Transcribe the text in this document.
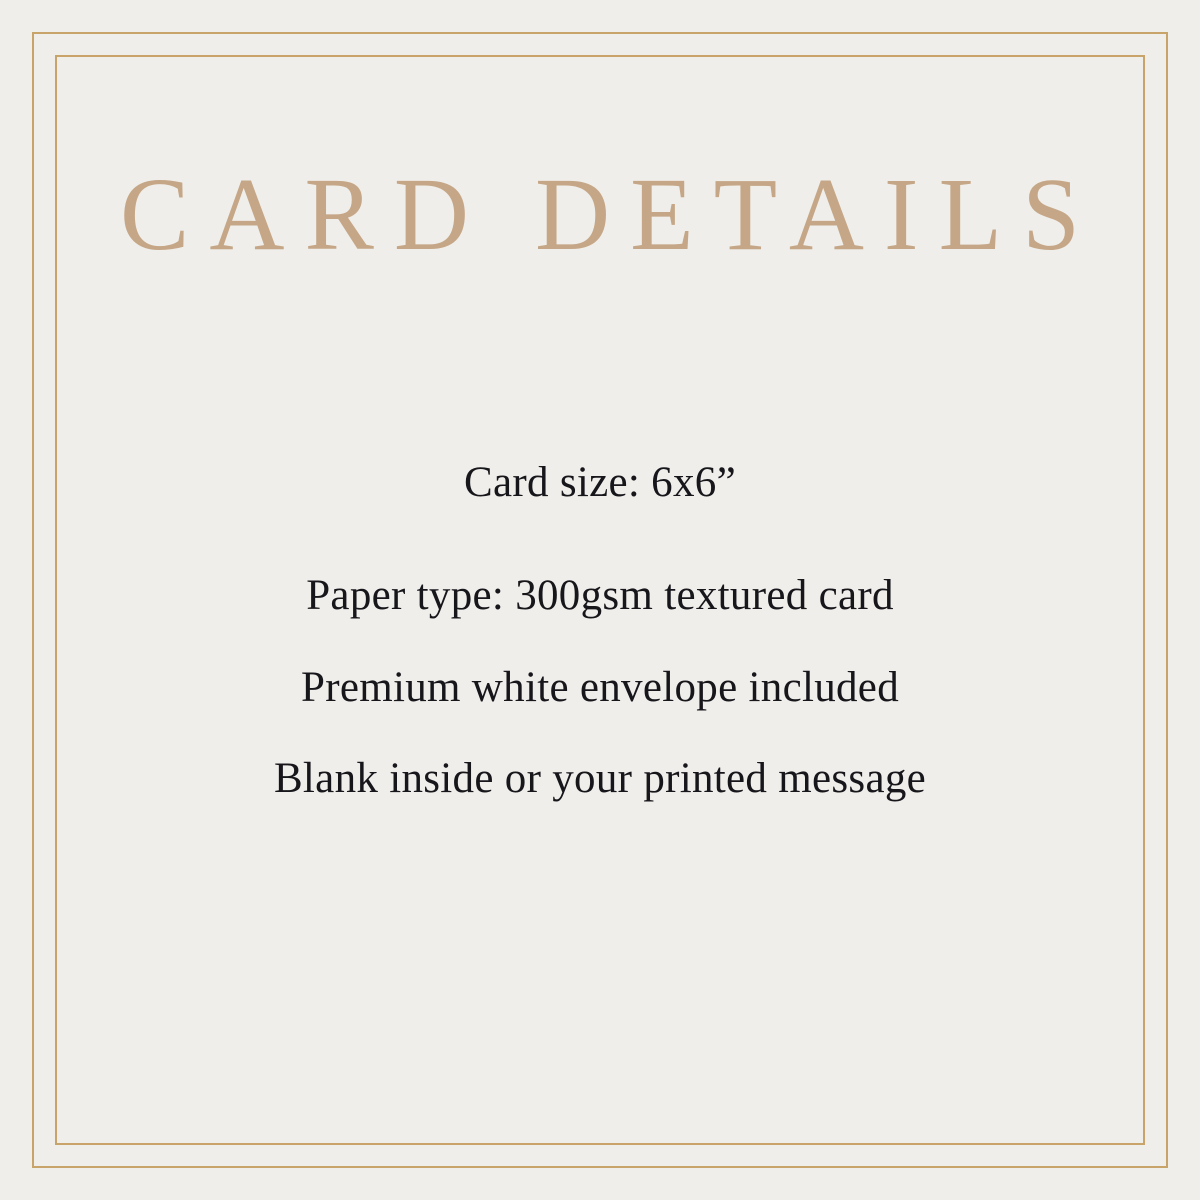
CARD DETAILS
Card size: 6x6”
Paper type: 300gsm textured card
Premium white envelope included
Blank inside or your printed message
